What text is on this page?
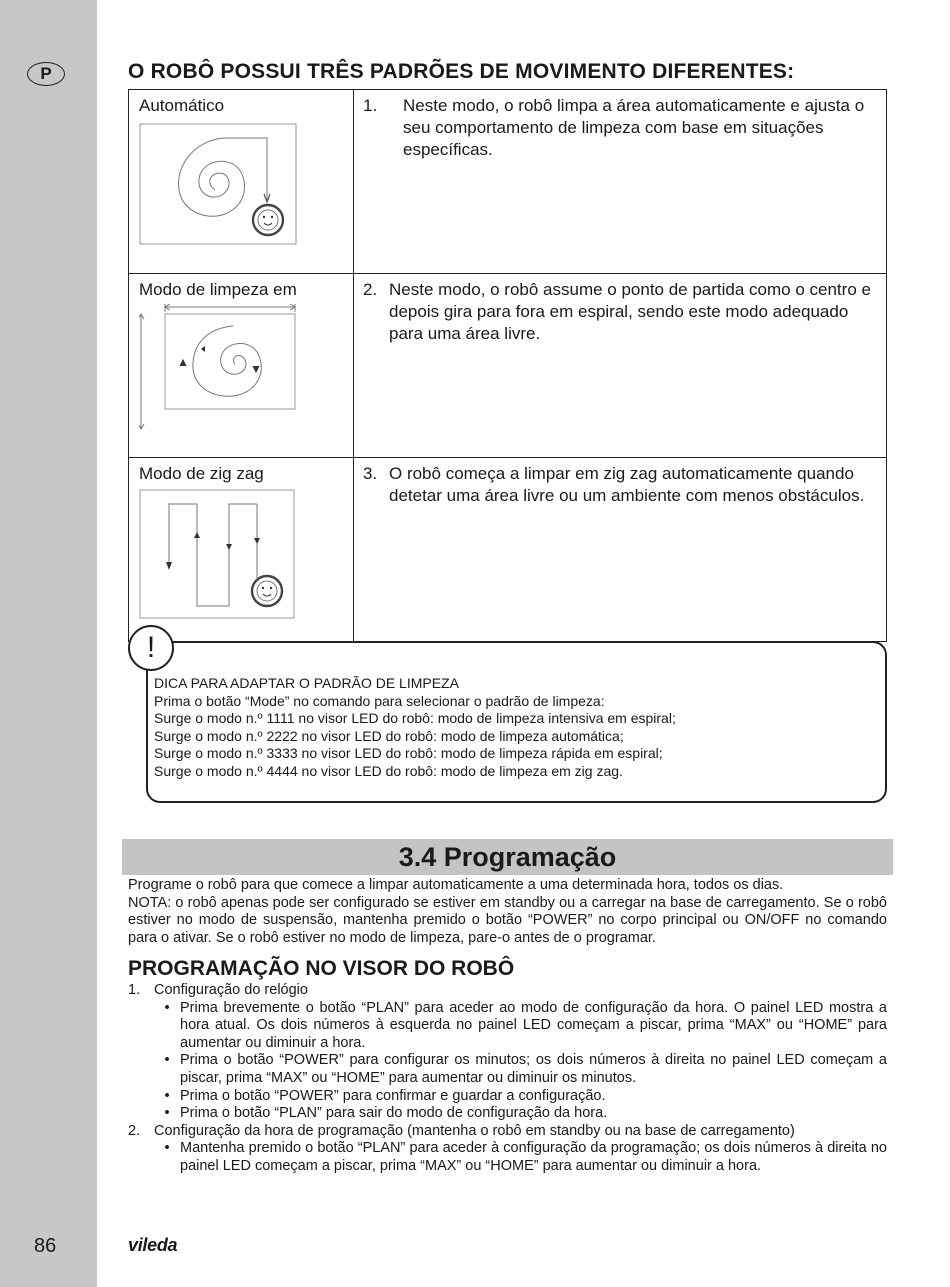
P
86
O ROBÔ POSSUI TRÊS PADRÕES DE MOVIMENTO DIFERENTES:
Automático	1. Neste modo, o robô limpa a área automaticamente e ajusta o seu comportamento de limpeza com base em situações específicas.

Modo de limpeza em	2. Neste modo, o robô assume o ponto de partida como o centro e depois gira para fora em espiral, sendo este modo adequado para uma área livre.

Modo de zig zag	3. O robô começa a limpar em zig zag automaticamente quando detetar uma área livre ou um ambiente com menos obstáculos.
!
DICA PARA ADAPTAR O PADRÃO DE LIMPEZA
Prima o botão “Mode” no comando para selecionar o padrão de limpeza:
Surge o modo n.º 1111 no visor LED do robô: modo de limpeza intensiva em espiral;
Surge o modo n.º 2222 no visor LED do robô: modo de limpeza automática;
Surge o modo n.º 3333 no visor LED do robô: modo de limpeza rápida em espiral;
Surge o modo n.º 4444 no visor LED do robô: modo de limpeza em zig zag.
3.4 Programação

Programe o robô para que comece a limpar automaticamente a uma determinada hora, todos os dias.

NOTA: o robô apenas pode ser configurado se estiver em standby ou a carregar na base de carregamento. Se o robô estiver no modo de suspensão, mantenha premido o botão “POWER” no corpo principal ou ON/OFF no comando para o ativar. Se o robô estiver no modo de limpeza, pare-o antes de o programar.

PROGRAMAÇÃO NO VISOR DO ROBÔ
1. Configuração do relógio
• Prima brevemente o botão “PLAN” para aceder ao modo de configuração da hora. O painel LED mostra a hora atual. Os dois números à esquerda no painel LED começam a piscar, prima “MAX” ou “HOME” para aumentar ou diminuir a hora.
• Prima o botão “POWER” para configurar os minutos; os dois números à direita no painel LED começam a piscar, prima “MAX” ou “HOME” para aumentar ou diminuir os minutos.
• Prima o botão “POWER” para confirmar e guardar a configuração.
• Prima o botão “PLAN” para sair do modo de configuração da hora.
2. Configuração da hora de programação (mantenha o robô em standby ou na base de carregamento)
• Mantenha premido o botão “PLAN” para aceder à configuração da programação; os dois números à direita no painel LED começam a piscar, prima “MAX” ou “HOME” para aumentar ou diminuir a hora.
vileda
